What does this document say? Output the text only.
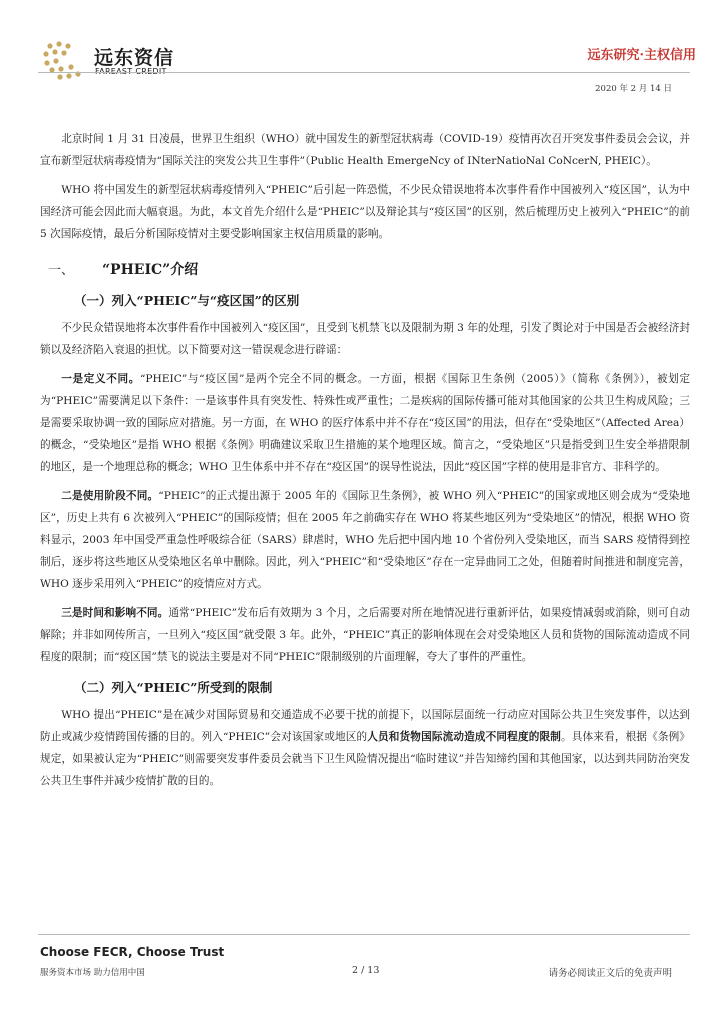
远东资信	远东研究·主权信用
2020 年 2 月 14 日

北京时间 1 月 31 日凌晨，世界卫生组织（WHO）就中国发生的新型冠状病毒（COVID-19）疫情再次召开突发事件委员会会议，并宣布新型冠状病毒疫情为“国际关注的突发公共卫生事件”（Public Health EmergeNcy of INterNatioNal CoNcerN, PHEIC）。

WHO 将中国发生的新型冠状病毒疫情列入“PHEIC”后引起一阵恐慌，不少民众错误地将本次事件看作中国被列入“疫区国”，认为中国经济可能会因此而大幅衰退。为此，本文首先介绍什么是“PHEIC”以及辩论其与“疫区国”的区别，然后梳理历史上被列入“PHEIC”的前 5 次国际疫情，最后分析国际疫情对主要受影响国家主权信用质量的影响。

一、	“PHEIC”介绍
（一）列入“PHEIC”与“疫区国”的区别

不少民众错误地将本次事件看作中国被列入“疫区国”，且受到飞机禁飞以及限制为期 3 年的处理，引发了舆论对于中国是否会被经济封锁以及经济陷入衰退的担忧。以下简要对这一错误观念进行辟谣：

一是定义不同。“PHEIC”与“疫区国”是两个完全不同的概念。一方面，根据《国际卫生条例（2005）》（简称《条例》），被划定为“PHEIC”需要满足以下条件：一是该事件具有突发性、特殊性或严重性；二是疾病的国际传播可能对其他国家的公共卫生构成风险；三是需要采取协调一致的国际应对措施。另一方面，在 WHO 的医疗体系中并不存在“疫区国”的用法，但存在“受染地区”（Affected Area）的概念，“受染地区”是指 WHO 根据《条例》明确建议采取卫生措施的某个地理区域。简言之，“受染地区”只是指受到卫生安全举措限制的地区，是一个地理总称的概念；WHO 卫生体系中并不存在“疫区国”的误导性说法，因此“疫区国”字样的使用是非官方、非科学的。

二是使用阶段不同。“PHEIC”的正式提出源于 2005 年的《国际卫生条例》，被 WHO 列入“PHEIC”的国家或地区则会成为“受染地区”，历史上共有 6 次被列入“PHEIC”的国际疫情；但在 2005 年之前确实存在 WHO 将某些地区列为“受染地区”的情况，根据 WHO 资料显示，2003 年中国受严重急性呼吸综合征（SARS）肆虐时，WHO 先后把中国内地 10 个省份列入受染地区，而当 SARS 疫情得到控制后，逐步将这些地区从受染地区名单中删除。因此，列入“PHEIC”和“受染地区”存在一定异曲同工之处，但随着时间推进和制度完善，WHO 逐步采用列入“PHEIC”的疫情应对方式。

三是时间和影响不同。通常“PHEIC”发布后有效期为 3 个月，之后需要对所在地情况进行重新评估，如果疫情减弱或消除，则可自动解除；并非如网传所言，一旦列入“疫区国”就受限 3 年。此外，“PHEIC”真正的影响体现在会对受染地区人员和货物的国际流动造成不同程度的限制；而“疫区国”禁飞的说法主要是对不同“PHEIC”限制级别的片面理解，夸大了事件的严重性。

（二）列入“PHEIC”所受到的限制

WHO 提出“PHEIC”是在减少对国际贸易和交通造成不必要干扰的前提下，以国际层面统一行动应对国际公共卫生突发事件，以达到防止或减少疫情跨国传播的目的。列入“PHEIC”会对该国家或地区的人员和货物国际流动造成不同程度的限制。具体来看，根据《条例》规定，如果被认定为“PHEIC”则需要突发事件委员会就当下卫生风险情况提出“临时建议”并告知缔约国和其他国家，以达到共同防治突发公共卫生事件并减少疫情扩散的目的。

Choose FECR, Choose Trust
服务资本市场 助力信用中国	2 / 13	请务必阅读正文后的免责声明
